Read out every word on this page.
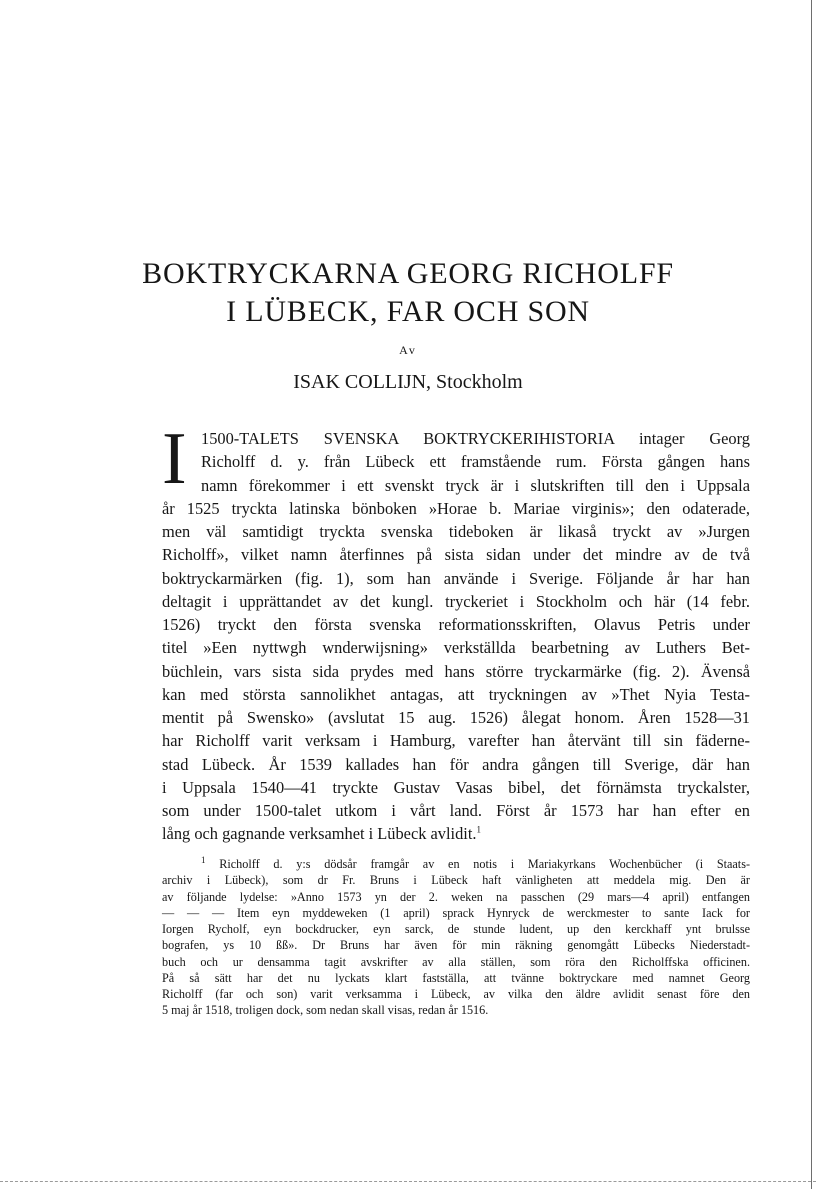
BOKTRYCKARNA GEORG RICHOLFF
I LÜBECK, FAR OCH SON
Av
ISAK COLLIJN, Stockholm
I 1500-TALETS SVENSKA BOKTRYCKERIHISTORIA intager Georg
Richolff d. y. från Lübeck ett framstående rum. Första gången hans
namn förekommer i ett svenskt tryck är i slutskriften till den i Uppsala
år 1525 tryckta latinska bönboken »Horae b. Mariae virginis»; den odaterade,
men väl samtidigt tryckta svenska tideboken är likaså tryckt av »Jurgen
Richolff», vilket namn återfinnes på sista sidan under det mindre av de två
boktryckarmärken (fig. 1), som han använde i Sverige. Följande år har han
deltagit i upprättandet av det kungl. tryckeriet i Stockholm och här (14 febr.
1526) tryckt den första svenska reformationsskriften, Olavus Petris under
titel »Een nyttwgh wnderwijsning» verkställda bearbetning av Luthers Bet-
büchlein, vars sista sida prydes med hans större tryckarmärke (fig. 2). Ävenså
kan med största sannolikhet antagas, att tryckningen av »Thet Nyia Testa-
mentit på Swensko» (avslutat 15 aug. 1526) ålegat honom. Åren 1528—31
har Richolff varit verksam i Hamburg, varefter han återvänt till sin fäderne-
stad Lübeck. År 1539 kallades han för andra gången till Sverige, där han
i Uppsala 1540—41 tryckte Gustav Vasas bibel, det förnämsta tryckalster,
som under 1500-talet utkom i vårt land. Först år 1573 har han efter en
lång och gagnande verksamhet i Lübeck avlidit.$^1$
$^1$ Richolff d. y:s dödsår framgår av en notis i Mariakyrkans Wochenbücher (i Staats-
archiv i Lübeck), som dr Fr. Bruns i Lübeck haft vänligheten att meddela mig. Den är
av följande lydelse: »Anno 1573 yn der 2. weken na passchen (29 mars—4 april) entfangen
— — — Item eyn myddeweken (1 april) sprack Hynryck de werckmester to sante Iack for
Iorgen Rycholf, eyn bockdrucker, eyn sarck, de stunde ludent, up den kerckhaff ynt brulsse
bografen, ys 10 ßß». Dr Bruns har även för min räkning genomgått Lübecks Niederstadt-
buch och ur densamma tagit avskrifter av alla ställen, som röra den Richolffska officinen.
På så sätt har det nu lyckats klart fastställa, att tvänne boktryckare med namnet Georg
Richolff (far och son) varit verksamma i Lübeck, av vilka den äldre avlidit senast före den
5 maj år 1518, troligen dock, som nedan skall visas, redan år 1516.
